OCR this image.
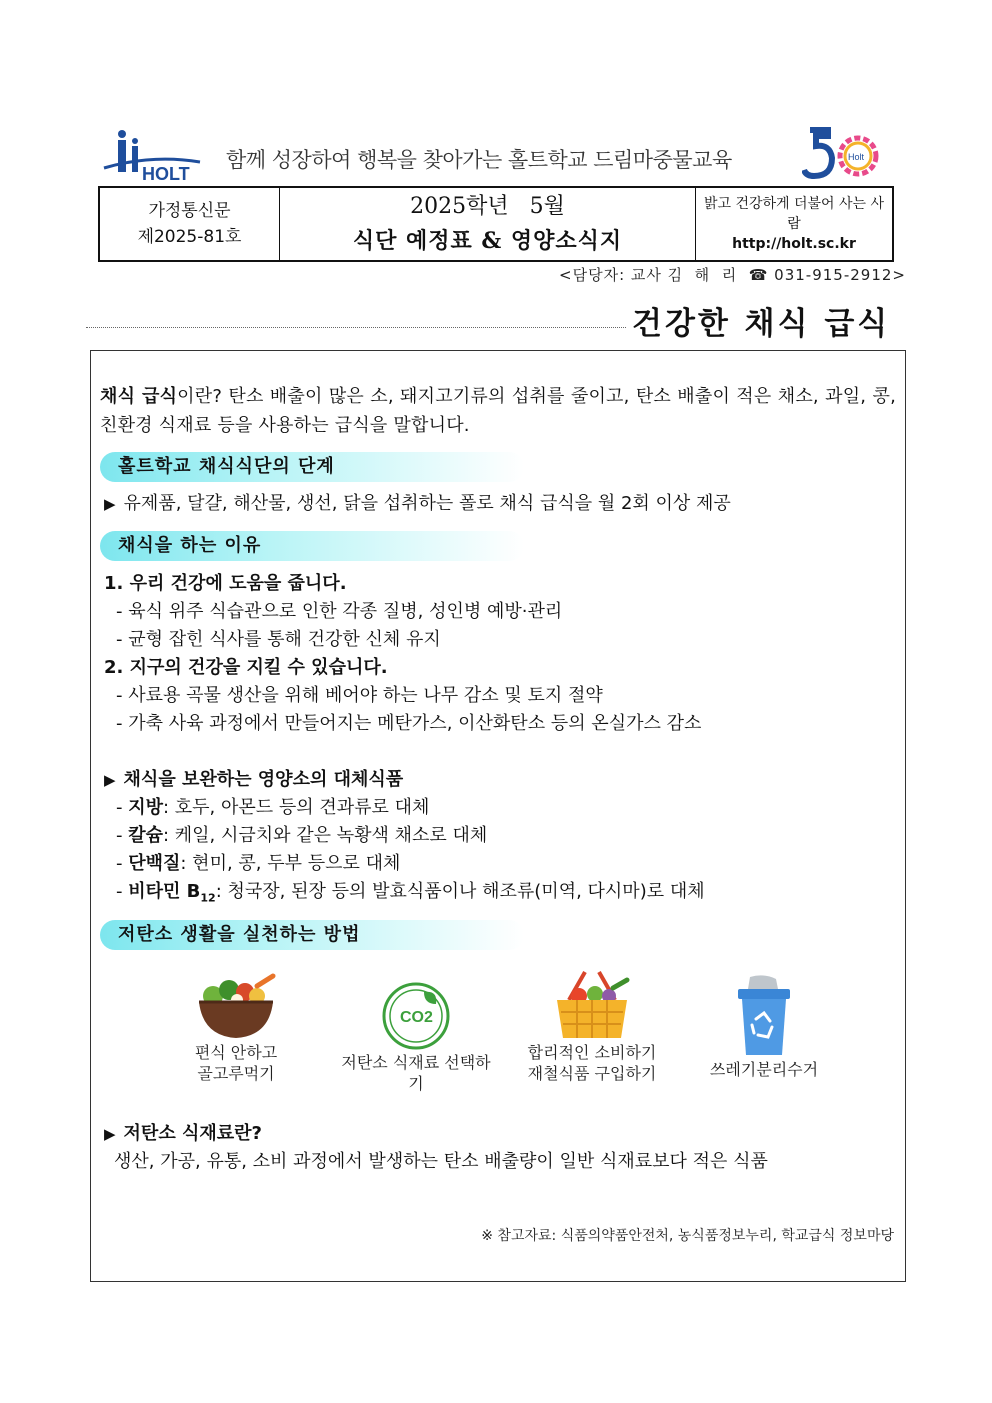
HOLT
함께 성장하여 행복을 찾아가는 홀트학교 드림마중물교육	Holt
가정통신문
제2025-81호
2025학년   5월
식단 예정표 & 영양소식지
밝고 건강하게 더불어 사는 사람
http://holt.sc.kr
<담당자: 교사 김  해  리  ☎ 031-915-2912>
건강한 채식 급식
채식 급식이란? 탄소 배출이 많은 소, 돼지고기류의 섭취를 줄이고, 탄소 배출이 적은 채소, 과일, 콩, 친환경 식재료 등을 사용하는 급식을 말합니다.
홀트학교 채식식단의 단계
▶ 유제품, 달걀, 해산물, 생선, 닭을 섭취하는 폴로 채식 급식을 월 2회 이상 제공
채식을 하는 이유
1. 우리 건강에 도움을 줍니다.
- 육식 위주 식습관으로 인한 각종 질병, 성인병 예방·관리
- 균형 잡힌 식사를 통해 건강한 신체 유지
2. 지구의 건강을 지킬 수 있습니다.
- 사료용 곡물 생산을 위해 베어야 하는 나무 감소 및 토지 절약
- 가축 사육 과정에서 만들어지는 메탄가스, 이산화탄소 등의 온실가스 감소
▶ 채식을 보완하는 영양소의 대체식품
- 지방: 호두, 아몬드 등의 견과류로 대체
- 칼슘: 케일, 시금치와 같은 녹황색 채소로 대체
- 단백질: 현미, 콩, 두부 등으로 대체
- 비타민 $B_{12}$: 청국장, 된장 등의 발효식품이나 해조류(미역, 다시마)로 대체
저탄소 생활을 실천하는 방법
편식 안하고
골고루먹기
CO2
저탄소 식재료 선택하기
합리적인 소비하기
재철식품 구입하기	쓰레기분리수거
▶ 저탄소 식재료란?
생산, 가공, 유통, 소비 과정에서 발생하는 탄소 배출량이 일반 식재료보다 적은 식품
※ 참고자료: 식품의약품안전처, 농식품정보누리, 학교급식 정보마당
